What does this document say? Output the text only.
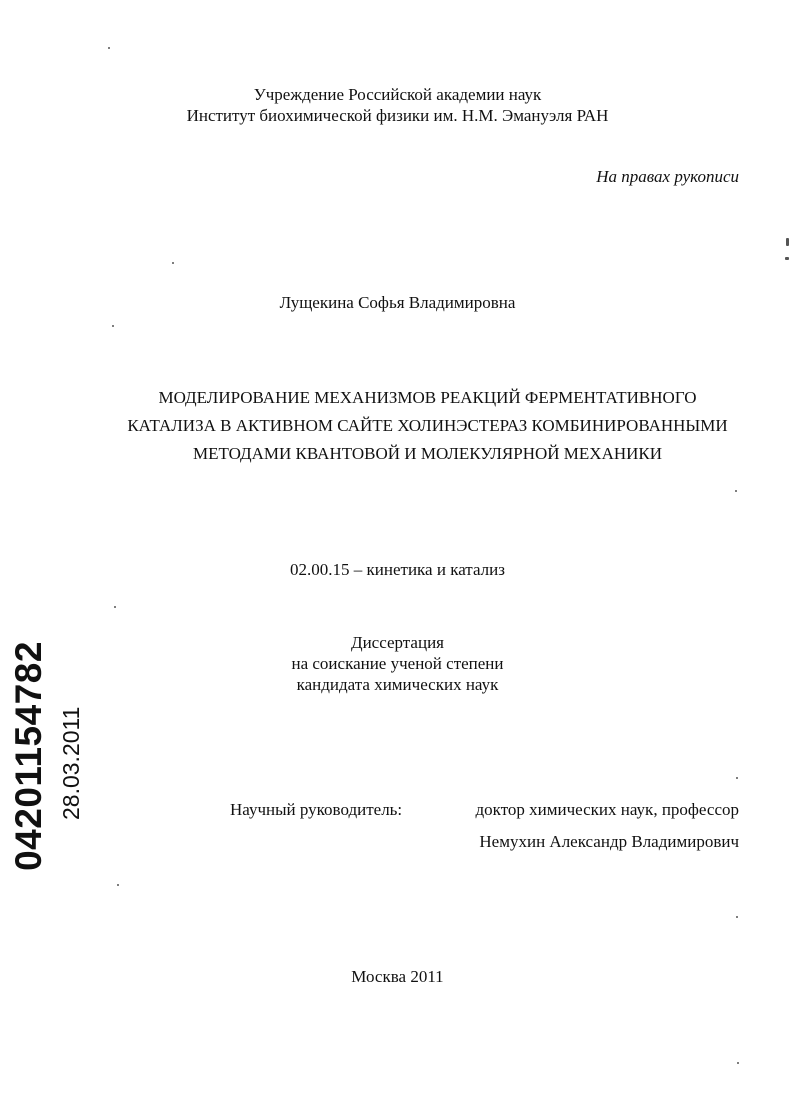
Учреждение Российской академии наук
Институт биохимической физики им. Н.М. Эмануэля РАН
На правах рукописи
Лущекина Софья Владимировна
МОДЕЛИРОВАНИЕ МЕХАНИЗМОВ РЕАКЦИЙ ФЕРМЕНТАТИВНОГО
КАТАЛИЗА В АКТИВНОМ САЙТЕ ХОЛИНЭСТЕРАЗ КОМБИНИРОВАННЫМИ
МЕТОДАМИ КВАНТОВОЙ И МОЛЕКУЛЯРНОЙ МЕХАНИКИ
02.00.15 – кинетика и катализ
Диссертация
на соискание ученой степени
кандидата химических наук
Научный руководитель:	доктор химических наук, профессор
Немухин Александр Владимирович
Москва 2011
04201154782 28.03.2011
